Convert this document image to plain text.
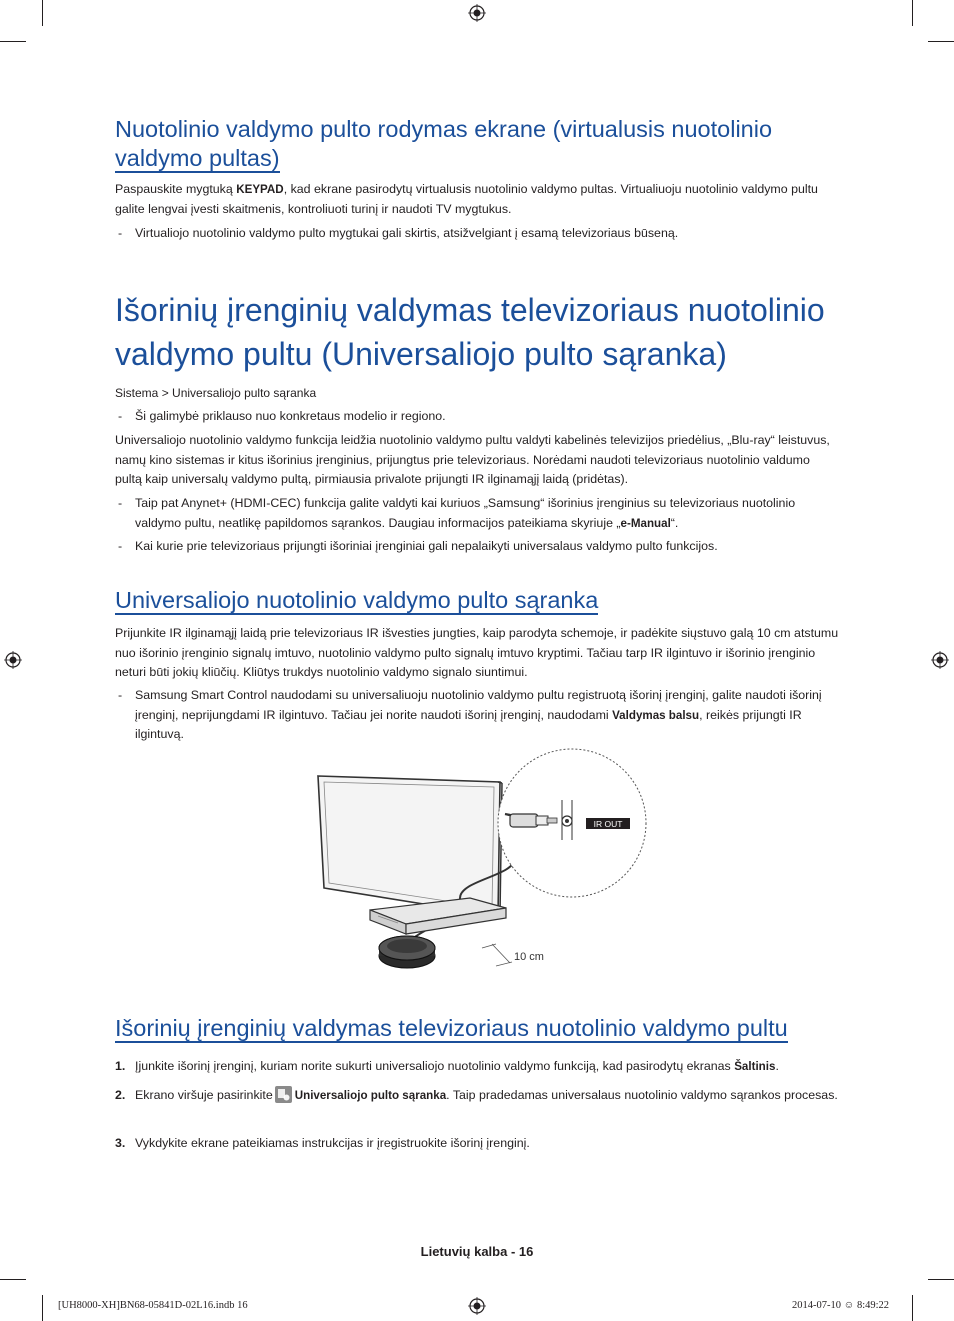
Nuotolinio valdymo pulto rodymas ekrane (virtualusis nuotolinio
valdymo pultas)

Paspauskite mygtuką KEYPAD, kad ekrane pasirodytų virtualusis nuotolinio valdymo pultas. Virtualiuoju nuotolinio valdymo pultu galite lengvai įvesti skaitmenis, kontroliuoti turinį ir naudoti TV mygtukus.

- Virtualiojo nuotolinio valdymo pulto mygtukai gali skirtis, atsižvelgiant į esamą televizoriaus būseną.

Išorinių įrenginių valdymas televizoriaus nuotolinio
valdymo pultu (Universaliojo pulto sąranka)
Sistema > Universaliojo pulto sąranka

- Ši galimybė priklauso nuo konkretaus modelio ir regiono.

Universaliojo nuotolinio valdymo funkcija leidžia nuotolinio valdymo pultu valdyti kabelinės televizijos priedėlius, „Blu-ray“ leistuvus, namų kino sistemas ir kitus išorinius įrenginius, prijungtus prie televizoriaus. Norėdami naudoti televizoriaus nuotolinio valdumo pultą kaip universalų valdymo pultą, pirmiausia privalote prijungti IR ilginamąjį laidą (pridėtas).

- Taip pat Anynet+ (HDMI-CEC) funkcija galite valdyti kai kuriuos „Samsung“ išorinius įrenginius su televizoriaus nuotolinio valdymo pultu, neatlikę papildomos sąrankos. Daugiau informacijos pateikiama skyriuje „e-Manual“.

- Kai kurie prie televizoriaus prijungti išoriniai įrenginiai gali nepalaikyti universalaus valdymo pulto funkcijos.

Universaliojo nuotolinio valdymo pulto sąranka

Prijunkite IR ilginamąjį laidą prie televizoriaus IR išvesties jungties, kaip parodyta schemoje, ir padėkite siųstuvo galą 10 cm atstumu nuo išorinio įrenginio signalų imtuvo, nuotolinio valdymo pulto signalų imtuvo kryptimi. Tačiau tarp IR ilgintuvo ir išorinio įrenginio neturi būti jokių kliūčių. Kliūtys trukdys nuotolinio valdymo signalo siuntimui.

- Samsung Smart Control naudodami su universaliuoju nuotolinio valdymo pultu registruotą išorinį įrenginį, galite naudoti išorinį įrenginį, neprijungdami IR ilgintuvo. Tačiau jei norite naudoti išorinį įrenginį, naudodami Valdymas balsu, reikės prijungti IR ilgintuvą.

IR OUT
10 cm
Išorinių įrenginių valdymas televizoriaus nuotolinio valdymo pultu

1. Įjunkite išorinį įrenginį, kuriam norite sukurti universaliojo nuotolinio valdymo funkciją, kad pasirodytų ekranas Šaltinis.

2. Ekrano viršuje pasirinkite Universaliojo pulto sąranka. Taip pradedamas universalaus nuotolinio valdymo sąrankos procesas.

3. Vykdykite ekrane pateikiamas instrukcijas ir įregistruokite išorinį įrenginį.

Lietuvių kalba - 16
[UH8000-XH]BN68-05841D-02L16.indb 16	2014-07-10 ☺ 8:49:22
